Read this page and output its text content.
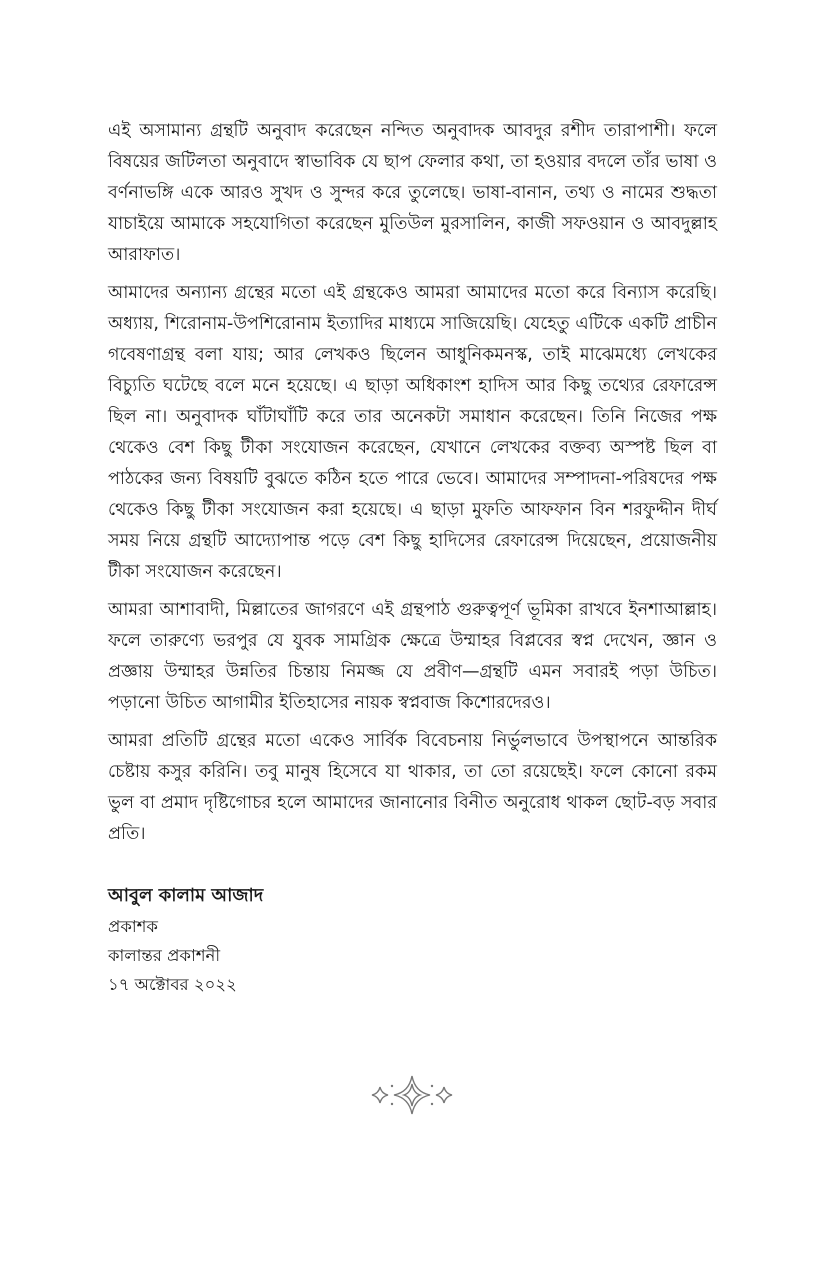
এই অসামান্য গ্রন্থটি অনুবাদ করেছেন নন্দিত অনুবাদক আবদুর রশীদ তারাপাশী। ফলে বিষয়ের জটিলতা অনুবাদে স্বাভাবিক যে ছাপ ফেলার কথা, তা হওয়ার বদলে তাঁর ভাষা ও বর্ণনাভঙ্গি একে আরও সুখদ ও সুন্দর করে তুলেছে। ভাষা-বানান, তথ্য ও নামের শুদ্ধতা যাচাইয়ে আমাকে সহযোগিতা করেছেন মুতিউল মুরসালিন, কাজী সফওয়ান ও আবদুল্লাহ আরাফাত।

আমাদের অন্যান্য গ্রন্থের মতো এই গ্রন্থকেও আমরা আমাদের মতো করে বিন্যাস করেছি। অধ্যায়, শিরোনাম-উপশিরোনাম ইত্যাদির মাধ্যমে সাজিয়েছি। যেহেতু এটিকে একটি প্রাচীন গবেষণাগ্রন্থ বলা যায়; আর লেখকও ছিলেন আধুনিকমনস্ক, তাই মাঝেমধ্যে লেখকের বিচ্যুতি ঘটেছে বলে মনে হয়েছে। এ ছাড়া অধিকাংশ হাদিস আর কিছু তথ্যের রেফারেন্স ছিল না। অনুবাদক ঘাঁটাঘাঁটি করে তার অনেকটা সমাধান করেছেন। তিনি নিজের পক্ষ থেকেও বেশ কিছু টীকা সংযোজন করেছেন, যেখানে লেখকের বক্তব্য অস্পষ্ট ছিল বা পাঠকের জন্য বিষয়টি বুঝতে কঠিন হতে পারে ভেবে। আমাদের সম্পাদনা-পরিষদের পক্ষ থেকেও কিছু টীকা সংযোজন করা হয়েছে। এ ছাড়া মুফতি আফফান বিন শরফুদ্দীন দীর্ঘ সময় নিয়ে গ্রন্থটি আদ্যোপান্ত পড়ে বেশ কিছু হাদিসের রেফারেন্স দিয়েছেন, প্রয়োজনীয় টীকা সংযোজন করেছেন।

আমরা আশাবাদী, মিল্লাতের জাগরণে এই গ্রন্থপাঠ গুরুত্বপূর্ণ ভূমিকা রাখবে ইনশাআল্লাহ। ফলে তারুণ্যে ভরপুর যে যুবক সামগ্রিক ক্ষেত্রে উম্মাহর বিপ্লবের স্বপ্ন দেখেন, জ্ঞান ও প্রজ্ঞায় উম্মাহর উন্নতির চিন্তায় নিমজ্জ যে প্রবীণ—গ্রন্থটি এমন সবারই পড়া উচিত। পড়ানো উচিত আগামীর ইতিহাসের নায়ক স্বপ্নবাজ কিশোরদেরও।

আমরা প্রতিটি গ্রন্থের মতো একেও সার্বিক বিবেচনায় নির্ভুলভাবে উপস্থাপনে আন্তরিক চেষ্টায় কসুর করিনি। তবু মানুষ হিসেবে যা থাকার, তা তো রয়েছেই। ফলে কোনো রকম ভুল বা প্রমাদ দৃষ্টিগোচর হলে আমাদের জানানোর বিনীত অনুরোধ থাকল ছোট-বড় সবার প্রতি।

আবুল কালাম আজাদ
প্রকাশক
কালান্তর প্রকাশনী
১৭ অক্টোবর ২০২২
